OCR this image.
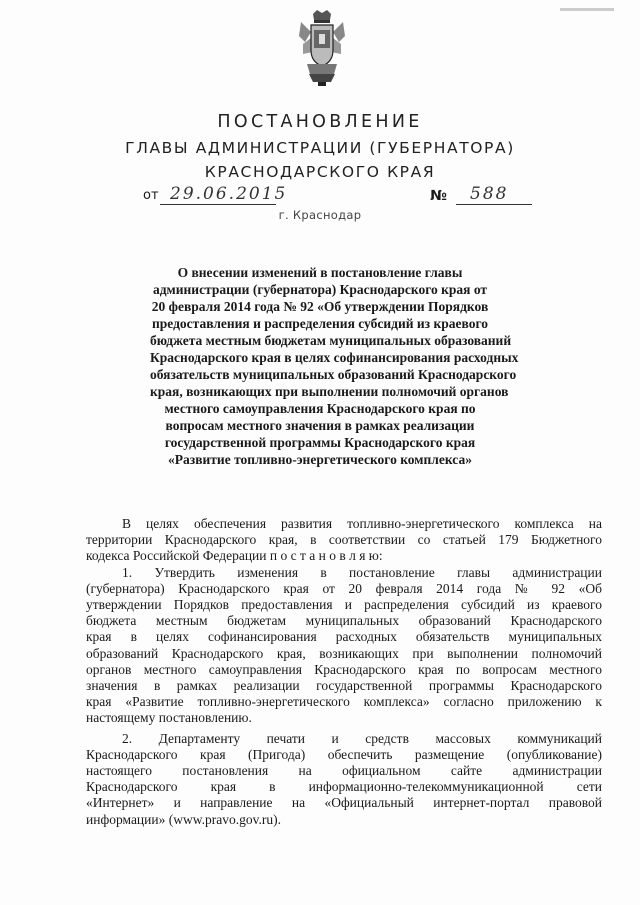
ПОСТАНОВЛЕНИЕ
ГЛАВЫ АДМИНИСТРАЦИИ (ГУБЕРНАТОРА)
КРАСНОДАРСКОГО КРАЯ
от 29.06.2015	№ 588
г. Краснодар
О внесении изменений в постановление главы
администрации (губернатора) Краснодарского края от
20 февраля 2014 года № 92 «Об утверждении Порядков
предоставления и распределения субсидий из краевого
бюджета местным бюджетам муниципальных образований
Краснодарского края в целях софинансирования расходных
обязательств муниципальных образований Краснодарского
края, возникающих при выполнении полномочий органов
местного самоуправления Краснодарского края по
вопросам местного значения в рамках реализации
государственной программы Краснодарского края
«Развитие топливно-энергетического комплекса»
В целях обеспечения развития топливно-энергетического комплекса на
территории Краснодарского края, в соответствии со статьей 179 Бюджетного
кодекса Российской Федерации п о с т а н о в л я ю:
1. Утвердить изменения в постановление главы администрации
(губернатора) Краснодарского края от 20 февраля 2014 года № 92 «Об
утверждении Порядков предоставления и распределения субсидий из краевого
бюджета местным бюджетам муниципальных образований Краснодарского
края в целях софинансирования расходных обязательств муниципальных
образований Краснодарского края, возникающих при выполнении полномочий
органов местного самоуправления Краснодарского края по вопросам местного
значения в рамках реализации государственной программы Краснодарского
края «Развитие топливно-энергетического комплекса» согласно приложению к
настоящему постановлению.
2. Департаменту печати и средств массовых коммуникаций
Краснодарского края (Пригода) обеспечить размещение (опубликование)
настоящего постановления на официальном сайте администрации
Краснодарского края в информационно-телекоммуникационной сети
«Интернет» и направление на «Официальный интернет-портал правовой
информации» (www.pravo.gov.ru).
